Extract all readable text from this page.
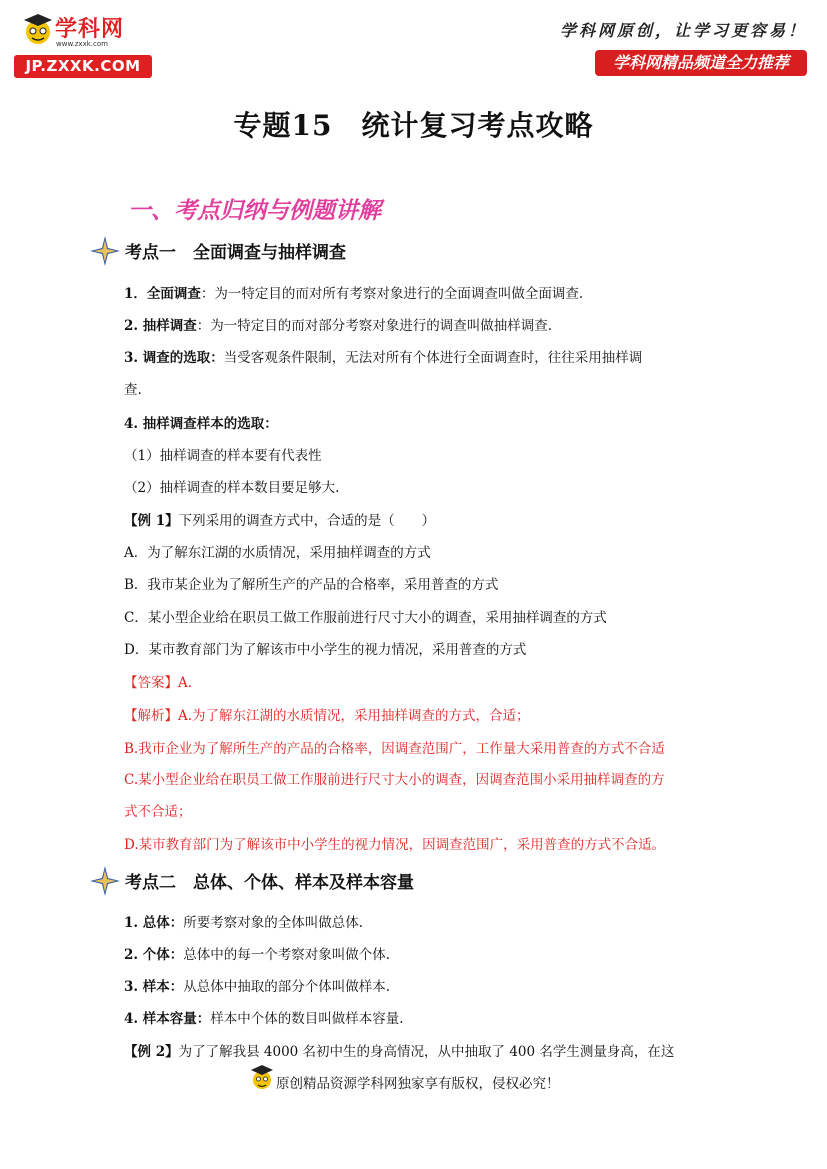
学科网
www.zxxk.com
JP.ZXXK.COM
学科网原创，让学习更容易！
学科网精品频道全力推荐
专题15　统计复习考点攻略
一、考点归纳与例题讲解
考点一　全面调查与抽样调查
1．全面调查：为一特定目的而对所有考察对象进行的全面调查叫做全面调查.
2. 抽样调查：为一特定目的而对部分考察对象进行的调查叫做抽样调查.
3. 调查的选取：当受客观条件限制，无法对所有个体进行全面调查时，往往采用抽样调
查.
4. 抽样调查样本的选取：
（1）抽样调查的样本要有代表性
（2）抽样调查的样本数目要足够大.
【例 1】下列采用的调查方式中，合适的是（　　）
A．为了解东江湖的水质情况，采用抽样调查的方式
B．我市某企业为了解所生产的产品的合格率，采用普查的方式
C．某小型企业给在职员工做工作服前进行尺寸大小的调查，采用抽样调查的方式
D．某市教育部门为了解该市中小学生的视力情况，采用普查的方式
【答案】A.
【解析】A.为了解东江湖的水质情况，采用抽样调查的方式，合适；
B.我市企业为了解所生产的产品的合格率，因调查范围广，工作量大采用普查的方式不合适
C.某小型企业给在职员工做工作服前进行尺寸大小的调查，因调查范围小采用抽样调查的方
式不合适；
D.某市教育部门为了解该市中小学生的视力情况，因调查范围广，采用普查的方式不合适。
考点二　总体、个体、样本及样本容量
1. 总体：所要考察对象的全体叫做总体.
2. 个体：总体中的每一个考察对象叫做个体.
3. 样本：从总体中抽取的部分个体叫做样本.
4. 样本容量：样本中个体的数目叫做样本容量.
【例 2】为了了解我县 4000 名初中生的身高情况，从中抽取了 400 名学生测量身高，在这
原创精品资源学科网独家享有版权，侵权必究！
